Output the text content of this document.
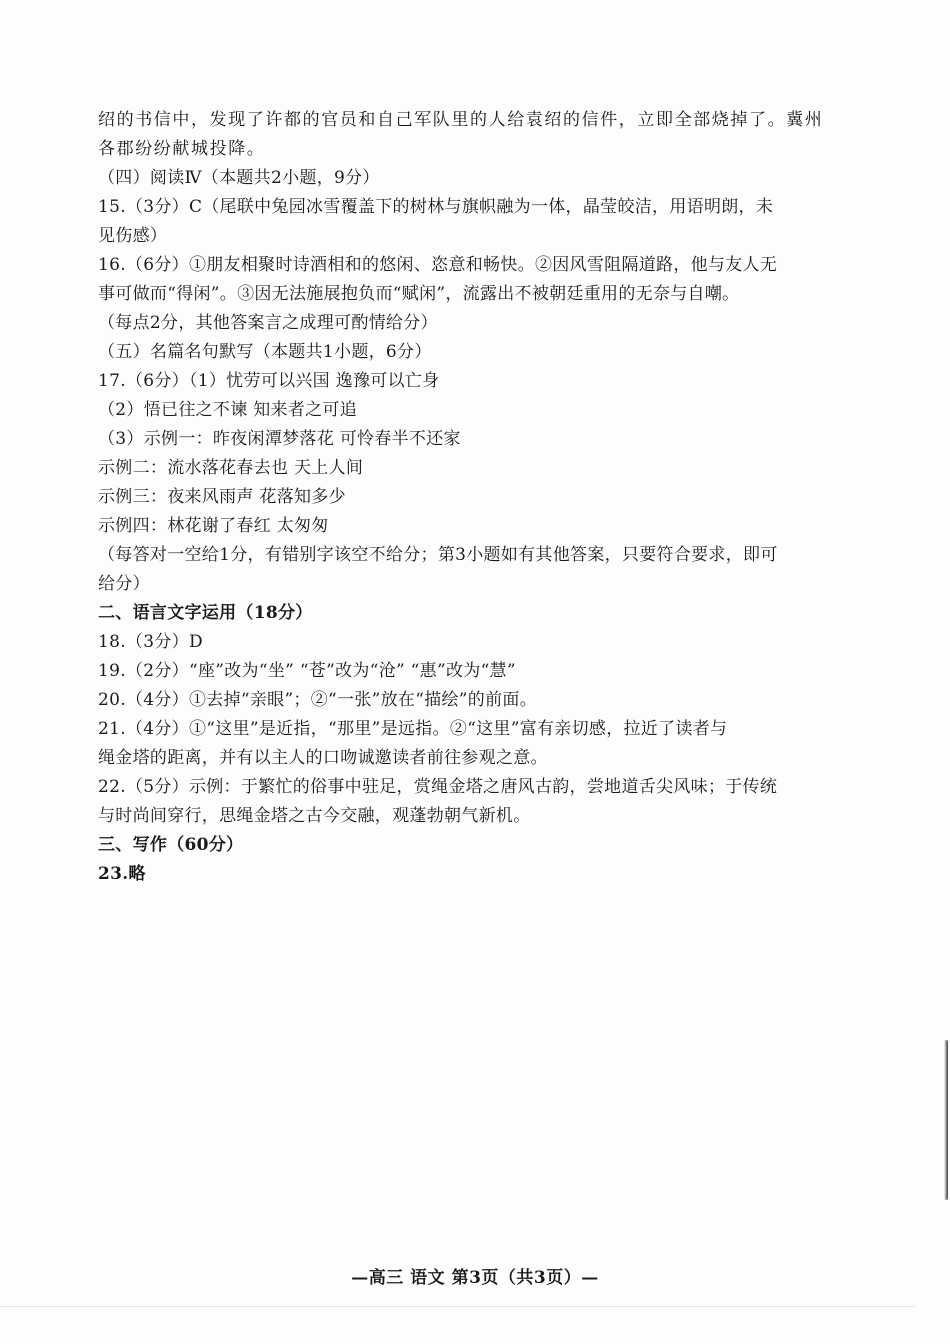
绍的书信中，发现了许都的官员和自己军队里的人给袁绍的信件，立即全部烧掉了。冀州
各郡纷纷献城投降。
（四）阅读Ⅳ（本题共2小题，9分）
15.（3分）C（尾联中兔园冰雪覆盖下的树林与旗帜融为一体，晶莹皎洁，用语明朗，未
见伤感）
16.（6分）①朋友相聚时诗酒相和的悠闲、恣意和畅快。②因风雪阻隔道路，他与友人无
事可做而“得闲”。③因无法施展抱负而“赋闲”，流露出不被朝廷重用的无奈与自嘲。
（每点2分，其他答案言之成理可酌情给分）
（五）名篇名句默写（本题共1小题，6分）
17.（6分）（1）忧劳可以兴国 逸豫可以亡身
（2）悟已往之不谏 知来者之可追
（3）示例一：昨夜闲潭梦落花 可怜春半不还家
示例二：流水落花春去也 天上人间
示例三：夜来风雨声 花落知多少
示例四：林花谢了春红 太匆匆
（每答对一空给1分，有错别字该空不给分；第3小题如有其他答案，只要符合要求，即可
给分）
二、语言文字运用（18分）
18.（3分）D
19.（2分）“座”改为“坐” “苍”改为“沧” “惠”改为“慧”
20.（4分）①去掉“亲眼”；②“一张”放在“描绘”的前面。
21.（4分）①“这里”是近指，“那里”是远指。②“这里”富有亲切感，拉近了读者与
绳金塔的距离，并有以主人的口吻诚邀读者前往参观之意。
22.（5分）示例：于繁忙的俗事中驻足，赏绳金塔之唐风古韵，尝地道舌尖风味；于传统
与时尚间穿行，思绳金塔之古今交融，观蓬勃朝气新机。
三、写作（60分）
23.略
—高三 语文 第3页（共3页）—
